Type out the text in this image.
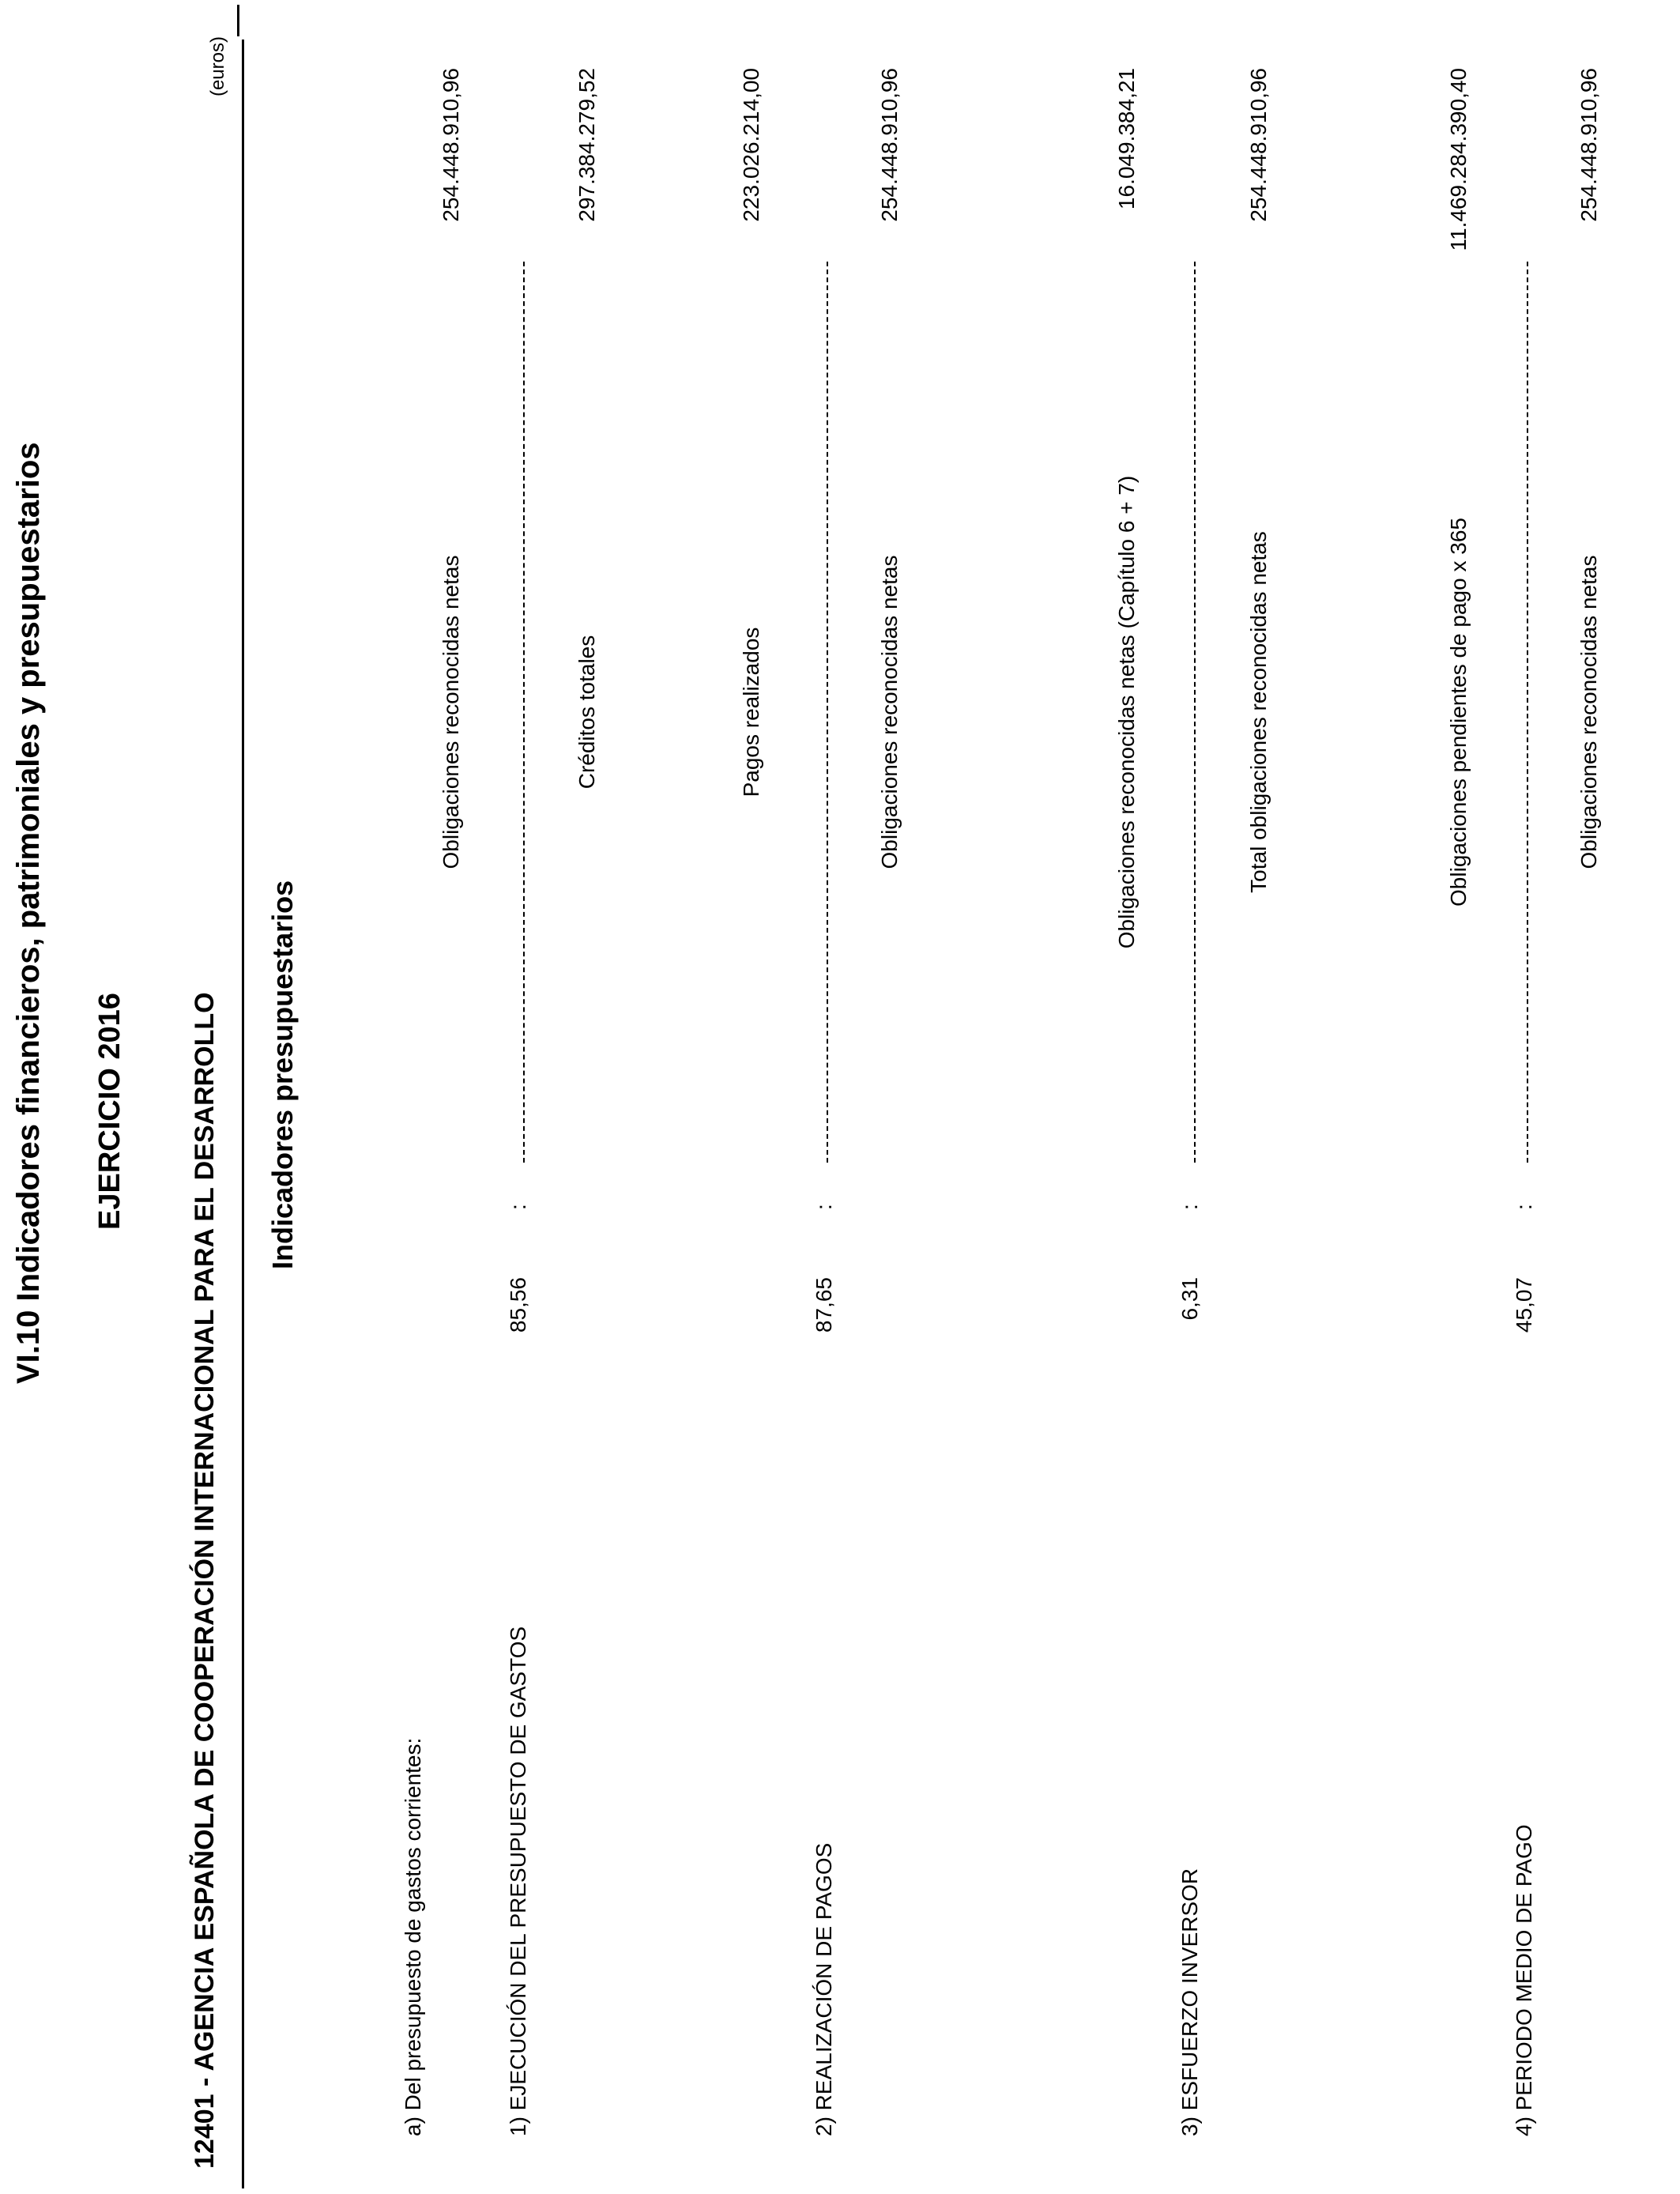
VI.10 Indicadores financieros, patrimoniales y presupuestarios EJERCICIO 2016 12401 - AGENCIA ESPAÑOLA DE COOPERACIÓN INTERNACIONAL PARA EL DESARROLLO
(euros)
Indicadores presupuestarios
a) Del presupuesto de gastos corrientes:	1) EJECUCIÓN DEL PRESUPUESTO DE GASTOS
85,56
:
Obligaciones reconocidas netas	Créditos totales
254.448.910,96	297.384.279,52
2) REALIZACIÓN DE PAGOS
87,65
:
Pagos realizados	Obligaciones reconocidas netas
223.026.214,00	254.448.910,96
3) ESFUERZO INVERSOR
6,31
:
Obligaciones reconocidas netas (Capítulo 6 + 7)	Total obligaciones reconocidas netas
16.049.384,21	254.448.910,96
4) PERIODO MEDIO DE PAGO
45,07
:
Obligaciones pendientes de pago x 365	Obligaciones reconocidas netas
11.469.284.390,40	254.448.910,96
